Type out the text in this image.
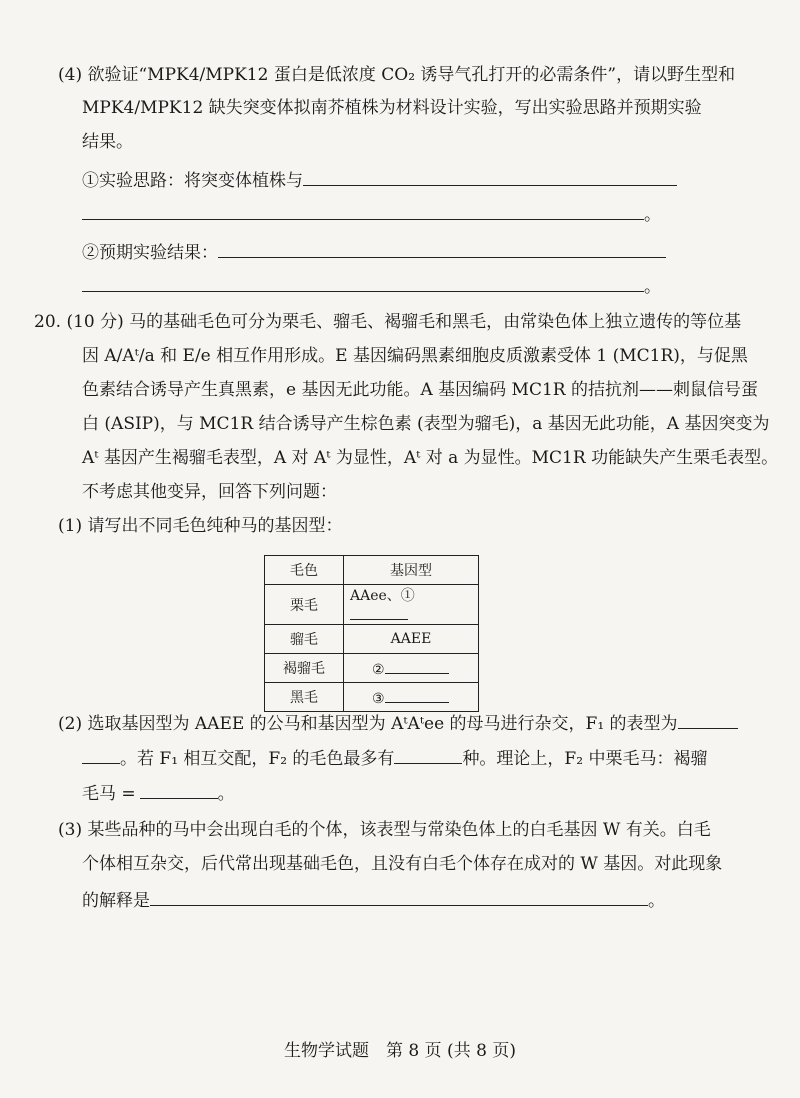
(4) 欲验证“MPK4/MPK12 蛋白是低浓度 CO₂ 诱导气孔打开的必需条件”，请以野生型和
MPK4/MPK12 缺失突变体拟南芥植株为材料设计实验，写出实验思路并预期实验
结果。
①实验思路：将突变体植株与
。
②预期实验结果：
。
20. (10 分) 马的基础毛色可分为栗毛、骝毛、褐骝毛和黑毛，由常染色体上独立遗传的等位基
因 A/Aᵗ/a 和 E/e 相互作用形成。E 基因编码黑素细胞皮质激素受体 1 (MC1R)，与促黑
色素结合诱导产生真黑素，e 基因无此功能。A 基因编码 MC1R 的拮抗剂——刺鼠信号蛋
白 (ASIP)，与 MC1R 结合诱导产生棕色素 (表型为骝毛)，a 基因无此功能，A 基因突变为
Aᵗ 基因产生褐骝毛表型，A 对 Aᵗ 为显性，Aᵗ 对 a 为显性。MC1R 功能缺失产生栗毛表型。
不考虑其他变异，回答下列问题：
(1) 请写出不同毛色纯种马的基因型：
毛色	基因型
栗毛	AAee、①
骝毛	AAEE
褐骝毛	②
黑毛	③
(2) 选取基因型为 AAEE 的公马和基因型为 AᵗAᵗee 的母马进行杂交，F₁ 的表型为
。若 F₁ 相互交配，F₂ 的毛色最多有	种。理论上，F₂ 中栗毛马：褐骝
毛马 =	。
(3) 某些品种的马中会出现白毛的个体，该表型与常染色体上的白毛基因 W 有关。白毛
个体相互杂交，后代常出现基础毛色，且没有白毛个体存在成对的 W 基因。对此现象
的解释是	。
生物学试题　第 8 页 (共 8 页)
